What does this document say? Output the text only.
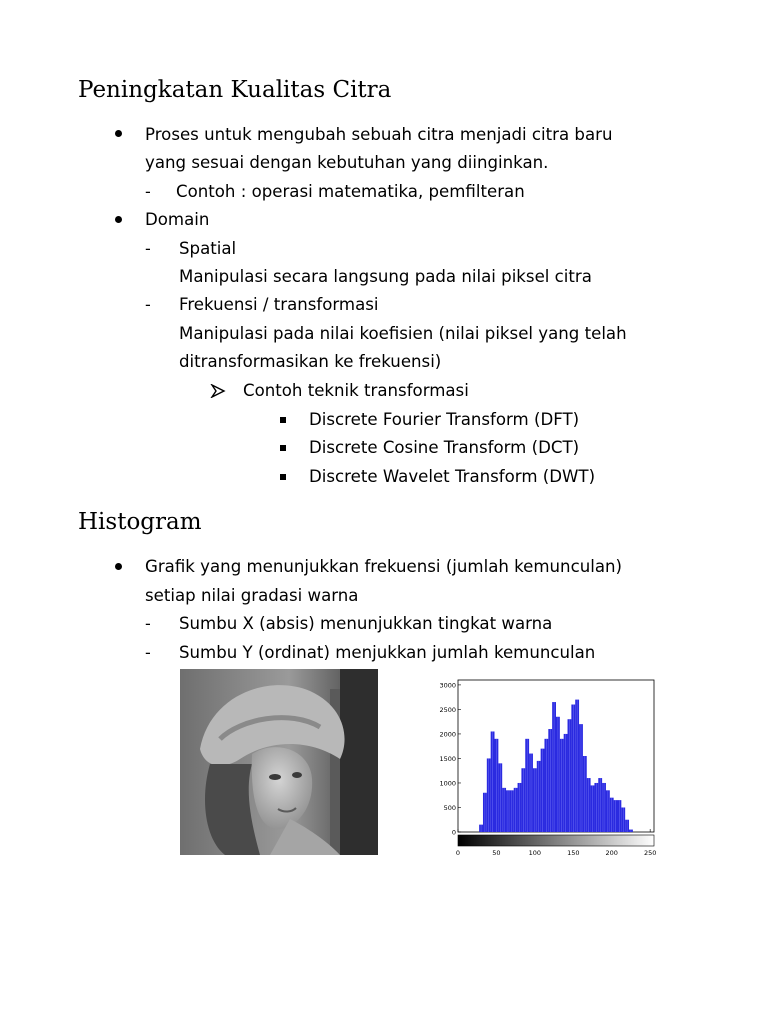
Peningkatan Kualitas Citra
Proses untuk mengubah sebuah citra menjadi citra baru
yang sesuai dengan kebutuhan yang diinginkan.
- Contoh : operasi matematika, pemfilteran
Domain
- Spatial
Manipulasi secara langsung pada nilai piksel citra
- Frekuensi / transformasi
Manipulasi pada nilai koefisien (nilai piksel yang telah
ditransformasikan ke frekuensi)
Contoh teknik transformasi
Discrete Fourier Transform (DFT)
Discrete Cosine Transform (DCT)
Discrete Wavelet Transform (DWT)
Histogram
Grafik yang menunjukkan frekuensi (jumlah kemunculan)
setiap nilai gradasi warna
- Sumbu X (absis) menunjukkan tingkat warna
- Sumbu Y (ordinat) menjukkan jumlah kemunculan
0
500
1000
1500
2000
2500
3000
0	50	100	150	200	250
